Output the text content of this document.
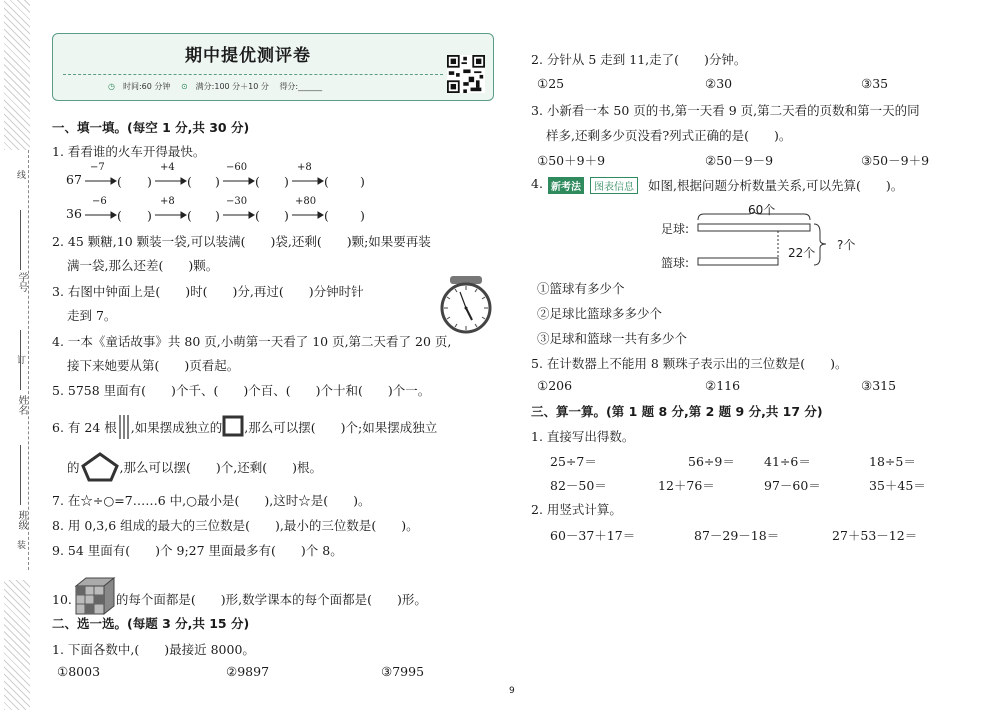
线
订
装
学号
姓名
班级
期中提优测评卷
◷ 时间:60 分钟 ⊙ 满分:100 分＋10 分 得分:______
一、填一填。(每空 1 分,共 30 分)
1. 看看谁的火车开得最快。
67
−7	+4	−60	+8
( )	( )	( )	( )
36
−6	+8	−30	+80
( )	( )	( )	( )
2. 45 颗糖,10 颗装一袋,可以装满(　　)袋,还剩(　　)颗;如果要再装
满一袋,那么还差(　　)颗。
3. 右图中钟面上是(　　)时(　　)分,再过(　　)分钟时针
走到 7。
4. 一本《童话故事》共 80 页,小萌第一天看了 10 页,第二天看了 20 页,
接下来她要从第(　　)页看起。
5. 5758 里面有(　　)个千、(　　)个百、(　　)个十和(　　)个一。
6. 有 24 根 ,如果摆成独立的 ,那么可以摆(　　)个;如果摆成独立
的	,那么可以摆(　　)个,还剩(　　)根。
7. 在☆÷○=7……6 中,○最小是(　　),这时☆是(　　)。
8. 用 0,3,6 组成的最大的三位数是(　　),最小的三位数是(　　)。
9. 54 里面有(　　)个 9;27 里面最多有(　　)个 8。
10.	的每个面都是(　　)形,数学课本的每个面都是(　　)形。
二、选一选。(每题 3 分,共 15 分)
1. 下面各数中,(　　)最接近 8000。
①8003	②9897	③7995
2. 分针从 5 走到 11,走了(　　)分钟。
①25	②30	③35
3. 小新看一本 50 页的书,第一天看 9 页,第二天看的页数和第一天的同
样多,还剩多少页没看?列式正确的是(　　)。
①50＋9＋9	②50－9－9	③50－9＋9
4. 新考法	图表信息	如图,根据问题分析数量关系,可以先算(　　)。
60个
足球:
篮球:
22个
?个
①篮球有多少个
②足球比篮球多多少个
③足球和篮球一共有多少个
5. 在计数器上不能用 8 颗珠子表示出的三位数是(　　)。
①206	②116	③315
三、算一算。(第 1 题 8 分,第 2 题 9 分,共 17 分)
1. 直接写出得数。
25÷7＝	56÷9＝ 41÷6＝	18÷5＝
82－50＝	12＋76＝	97－60＝	35＋45＝
2. 用竖式计算。
60－37＋17＝	87－29－18＝	27＋53－12＝
9
